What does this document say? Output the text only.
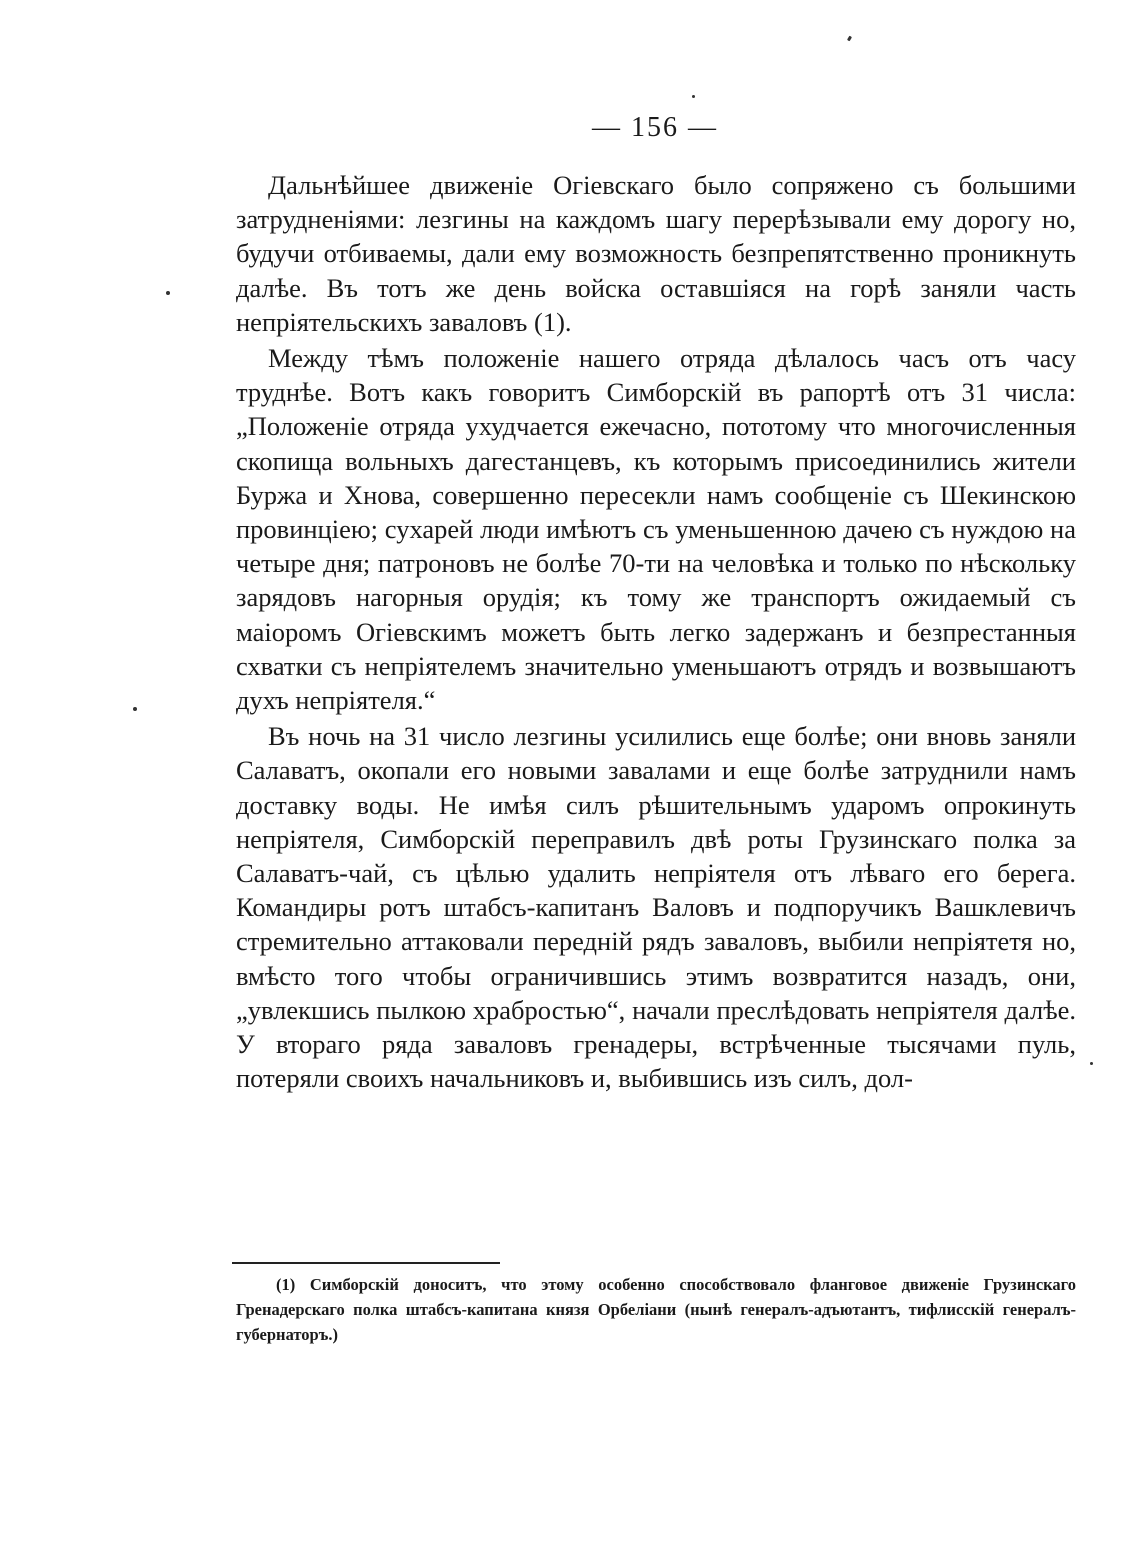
— 156 —

Дальнѣйшее движеніе Огіевскаго было сопряжено съ большими затрудненіями: лезгины на каждомъ шагу перерѣзывали ему дорогу но, будучи отбиваемы, дали ему возможность безпрепятственно проникнуть далѣе. Въ тотъ же день войска оставшіяся на горѣ заняли часть непріятельскихъ заваловъ (1).

Между тѣмъ положеніе нашего отряда дѣлалось часъ отъ часу труднѣе. Вотъ какъ говоритъ Симборскій въ рапортѣ отъ 31 числа: „Положеніе отряда ухудчается ежечасно, пототому что многочисленныя скопища вольныхъ дагестанцевъ, къ которымъ присоединились жители Буржа и Хнова, совершенно пересекли намъ сообщеніе съ Шекинскою провинціею; сухарей люди имѣютъ съ уменьшенною дачею съ нуждою на четыре дня; патроновъ не болѣе 70-ти на человѣка и только по нѣскольку зарядовъ нагорныя орудія; къ тому же транспортъ ожидаемый съ маіоромъ Огіевскимъ можетъ быть легко задержанъ и безпрестанныя схватки съ непріятелемъ значительно уменьшаютъ отрядъ и возвышаютъ духъ непріятеля.“

Въ ночь на 31 число лезгины усилились еще болѣе; они вновь заняли Салаватъ, окопали его новыми завалами и еще болѣе затруднили намъ доставку воды. Не имѣя силъ рѣшительнымъ ударомъ опрокинуть непріятеля, Симборскій переправилъ двѣ роты Грузинскаго полка за Салаватъ-чай, съ цѣлью удалить непріятеля отъ лѣваго его берега. Командиры ротъ штабсъ-капитанъ Валовъ и подпоручикъ Вашклевичъ стремительно аттаковали передній рядъ заваловъ, выбили непріятетя но, вмѣсто того чтобы ограничившись этимъ возвратится назадъ, они, „увлекшись пылкою храбростью“, начали преслѣдовать непріятеля далѣе. У втораго ряда заваловъ гренадеры, встрѣченные тысячами пуль, потеряли своихъ начальниковъ и, выбившись изъ силъ, дол-

(1) Симборскій доноситъ, что этому особенно способствовало фланговое движеніе Грузинскаго Гренадерскаго полка штабсъ-капитана князя Орбеліани (нынѣ генералъ-адъютантъ, тифлисскій генералъ-губернаторъ.)
